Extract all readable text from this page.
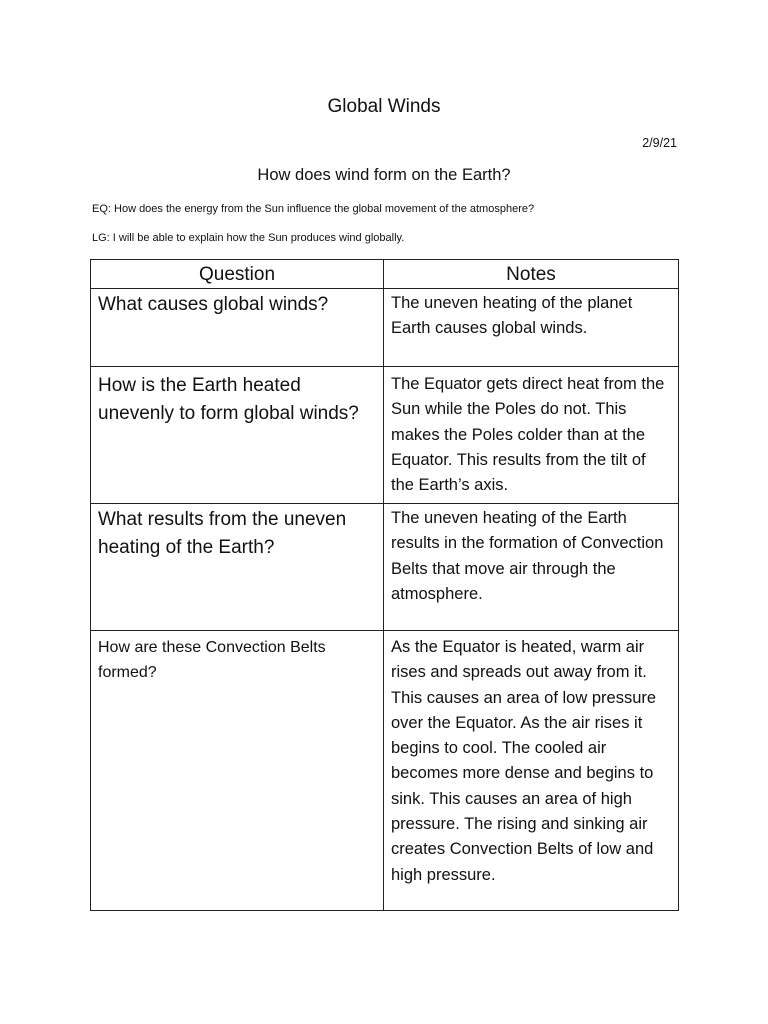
Global Winds
2/9/21
How does wind form on the Earth?
EQ: How does the energy from the Sun influence the global movement of the atmosphere?
LG: I will be able to explain how the Sun produces wind globally.
Question	Notes
What causes global winds?	The uneven heating of the planet Earth causes global winds.
How is the Earth heated unevenly to form global winds?	The Equator gets direct heat from the Sun while the Poles do not. This makes the Poles colder than at the Equator. This results from the tilt of the Earth’s axis.
What results from the uneven heating of the Earth?	The uneven heating of the Earth results in the formation of Convection Belts that move air through the atmosphere.
How are these Convection Belts formed?	As the Equator is heated, warm air rises and spreads out away from it. This causes an area of low pressure over the Equator. As the air rises it begins to cool. The cooled air becomes more dense and begins to sink. This causes an area of high pressure. The rising and sinking air creates Convection Belts of low and high pressure.
